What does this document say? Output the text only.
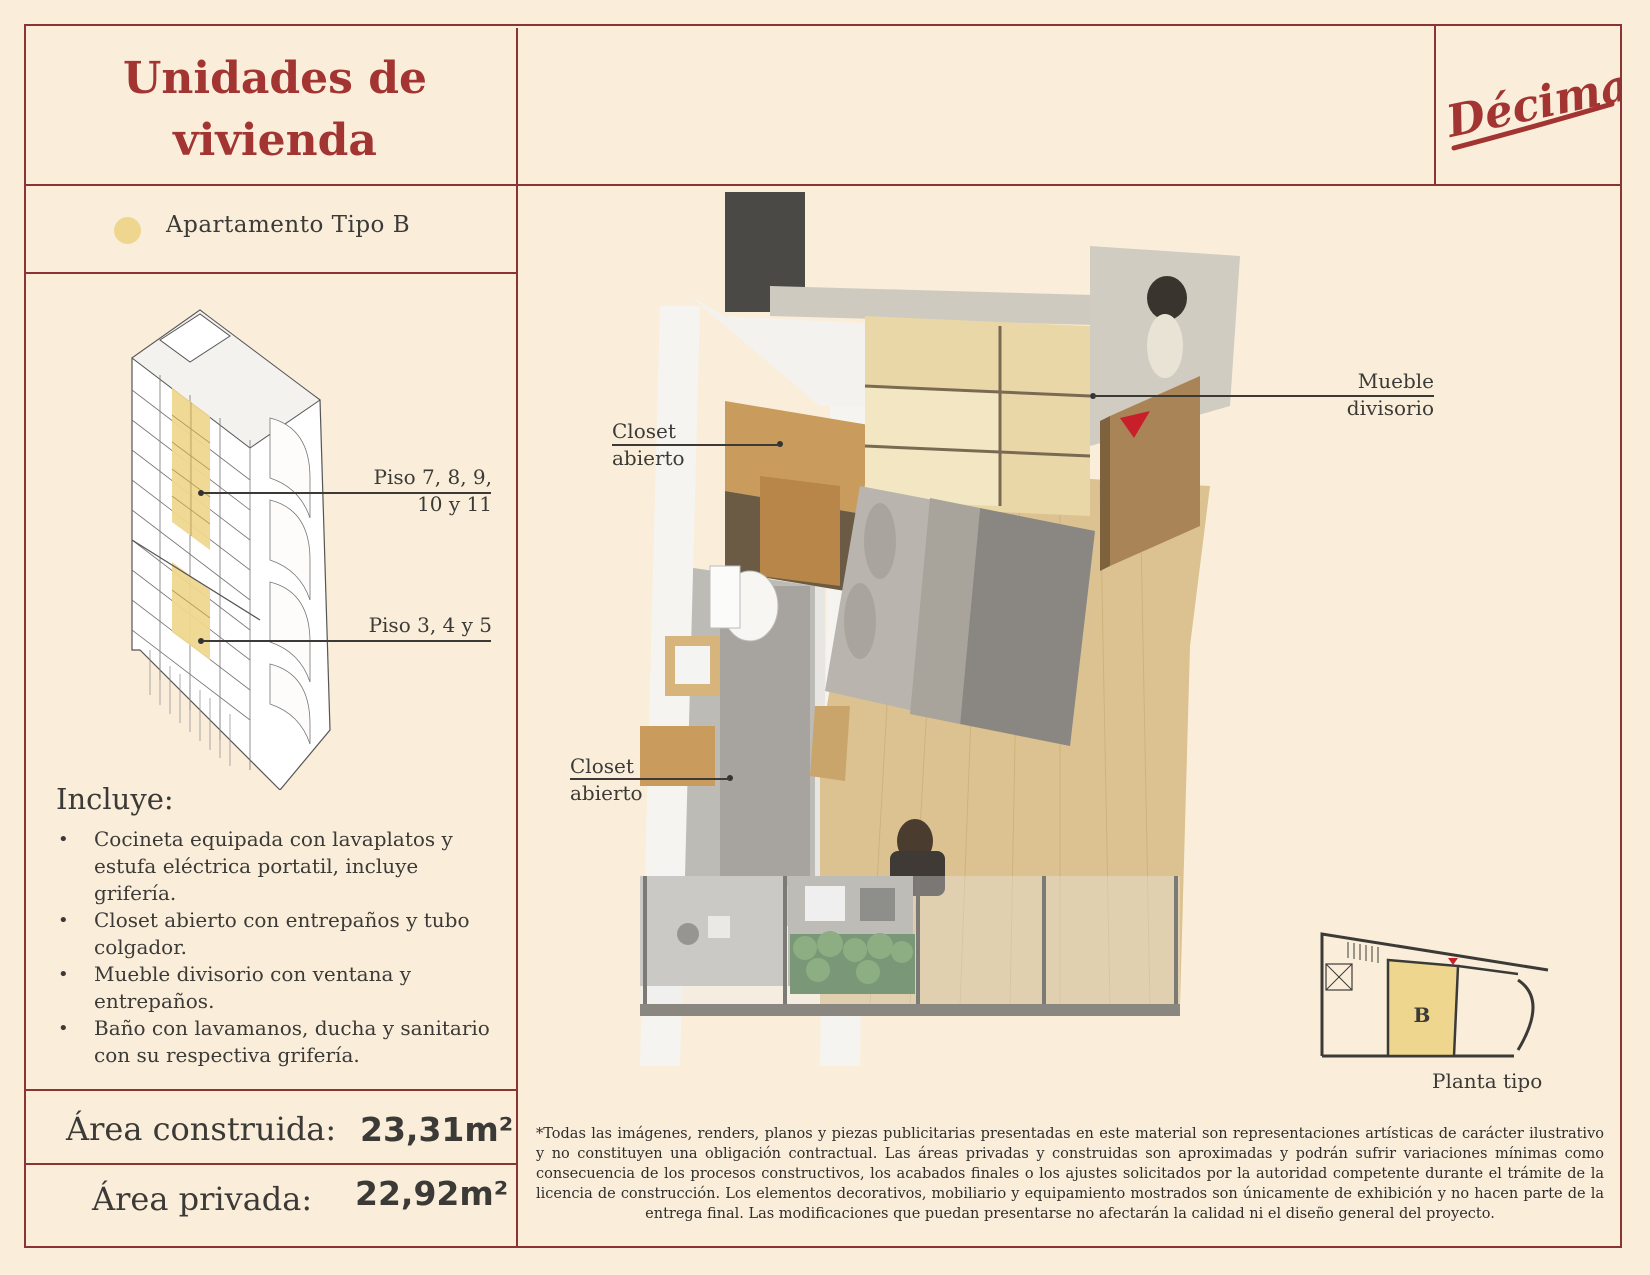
Unidades de
vivienda	Décima
Apartamento Tipo B
Piso 7, 8, 9,
10 y 11
Piso 3, 4 y 5
Incluye:
• Cocineta equipada con lavaplatos y estufa eléctrica portatil, incluye grifería.
• Closet abierto con entrepaños y tubo colgador.
• Mueble divisorio con ventana y entrepaños.
• Baño con lavamanos, ducha y sanitario con su respectiva grifería.
Área construida: 23,31m²
Área privada: 22,92m²
Closet
abierto
Closet
abierto
Mueble
divisorio
B
Planta tipo
*Todas las imágenes, renders, planos y piezas publicitarias presentadas en este material son representaciones artísticas de carácter ilustrativo y no constituyen una obligación contractual. Las áreas privadas y construidas son aproximadas y podrán sufrir variaciones mínimas como consecuencia de los procesos constructivos, los acabados finales o los ajustes solicitados por la autoridad competente durante el trámite de la licencia de construcción. Los elementos decorativos, mobiliario y equipamiento mostrados son únicamente de exhibición y no hacen parte de la entrega final. Las modificaciones que puedan presentarse no afectarán la calidad ni el diseño general del proyecto.
